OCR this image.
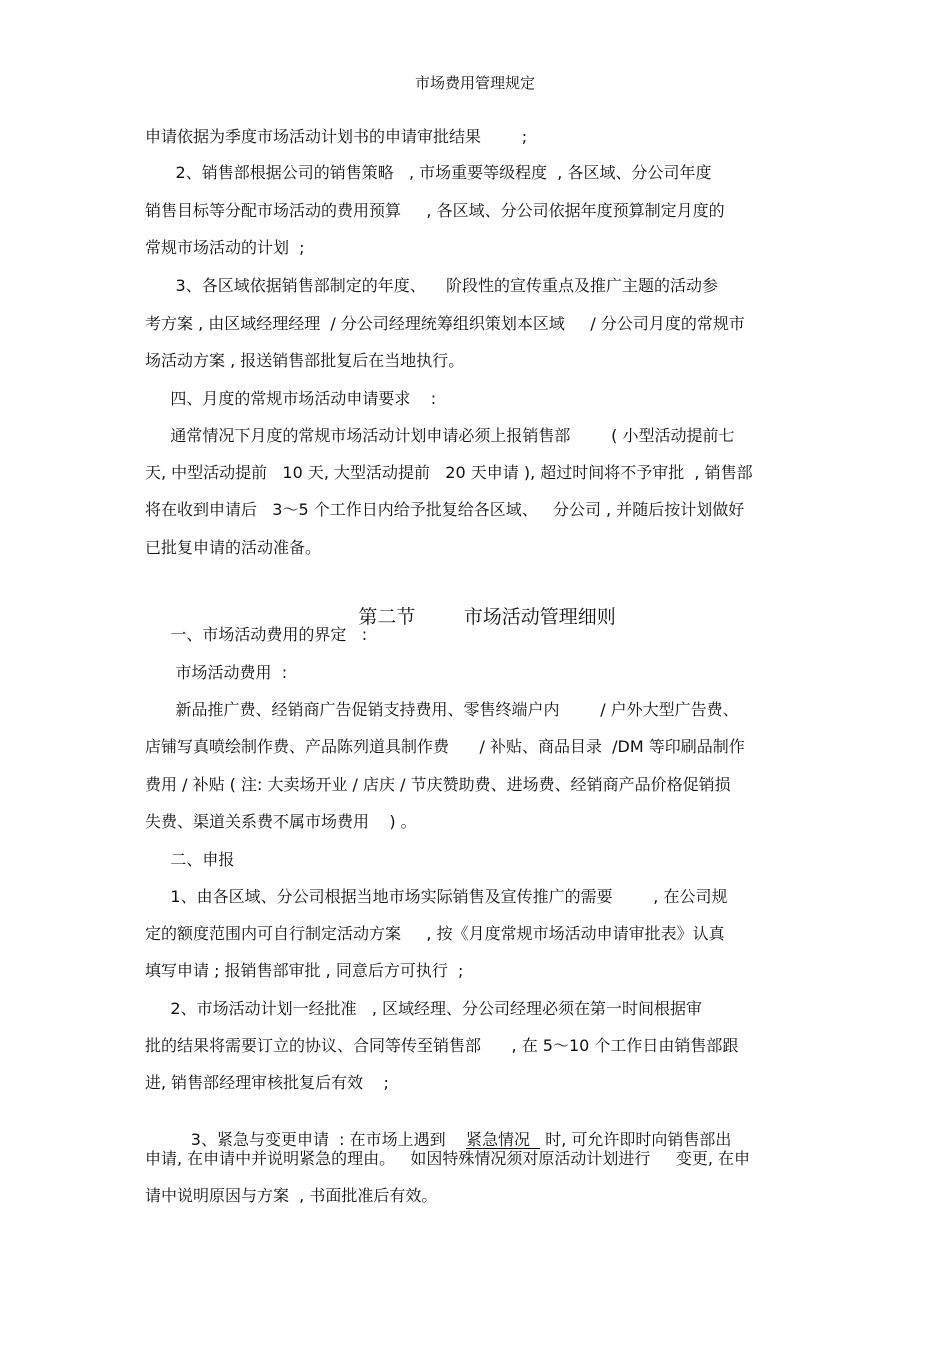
市场费用管理规定
申请依据为季度市场活动计划书的申请审批结果        ;
2、销售部根据公司的销售策略   , 市场重要等级程度  , 各区域、分公司年度
销售目标等分配市场活动的费用预算     , 各区域、分公司依据年度预算制定月度的
常规市场活动的计划  ;
3、各区域依据销售部制定的年度、    阶段性的宣传重点及推广主题的活动参
考方案 , 由区域经理经理  / 分公司经理统筹组织策划本区域     / 分公司月度的常规市
场活动方案 , 报送销售部批复后在当地执行。
四、月度的常规市场活动申请要求    :
通常情况下月度的常规市场活动计划申请必须上报销售部        ( 小型活动提前七
天, 中型活动提前   10 天, 大型活动提前   20 天申请 ), 超过时间将不予审批  , 销售部
将在收到申请后   3～5 个工作日内给予批复给各区域、   分公司 , 并随后按计划做好
已批复申请的活动准备。

第二节        市场活动管理细则

一、市场活动费用的界定   :
市场活动费用  :
新品推广费、经销商广告促销支持费用、零售终端户内        / 户外大型广告费、
店铺写真喷绘制作费、产品陈列道具制作费      / 补贴、商品目录  /DM 等印刷品制作
费用 / 补贴 ( 注: 大卖场开业 / 店庆 / 节庆赞助费、进场费、经销商产品价格促销损
失费、渠道关系费不属市场费用    ) 。
二、申报
1、由各区域、分公司根据当地市场实际销售及宣传推广的需要        , 在公司规
定的额度范围内可自行制定活动方案     , 按《月度常规市场活动申请审批表》认真
填写申请 ; 报销售部审批 , 同意后方可执行  ;
2、市场活动计划一经批准   , 区域经理、分公司经理必须在第一时间根据审
批的结果将需要订立的协议、合同等传至销售部      , 在 5～10 个工作日由销售部跟
进, 销售部经理审核批复后有效    ;

3、紧急与变更申请  : 在市场上遇到    紧急情况   时, 可允许即时向销售部出

申请, 在申请中并说明紧急的理由。   如因特殊情况须对原活动计划进行     变更, 在申
请中说明原因与方案  , 书面批准后有效。
